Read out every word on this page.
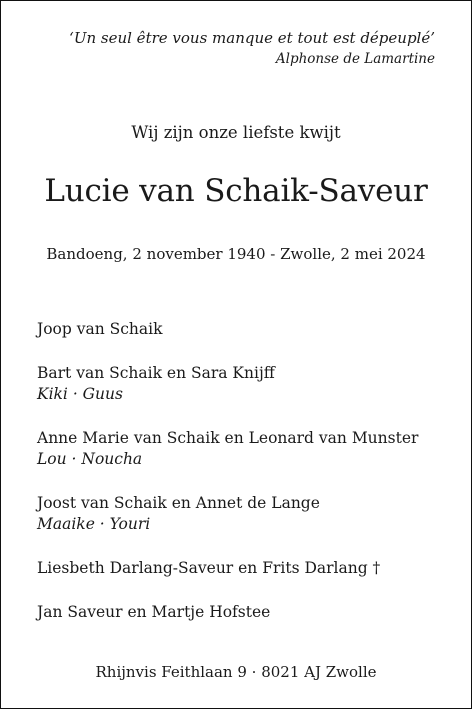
‘Un seul être vous manque et tout est dépeuplé’
Alphonse de Lamartine
Wij zijn onze liefste kwijt
Lucie van Schaik-Saveur
Bandoeng, 2 november 1940 - Zwolle, 2 mei 2024
Joop van Schaik
Bart van Schaik en Sara Knijff
Kiki · Guus
Anne Marie van Schaik en Leonard van Munster
Lou · Noucha
Joost van Schaik en Annet de Lange
Maaike · Youri
Liesbeth Darlang-Saveur en Frits Darlang †
Jan Saveur en Martje Hofstee
Rhijnvis Feithlaan 9 · 8021 AJ Zwolle
